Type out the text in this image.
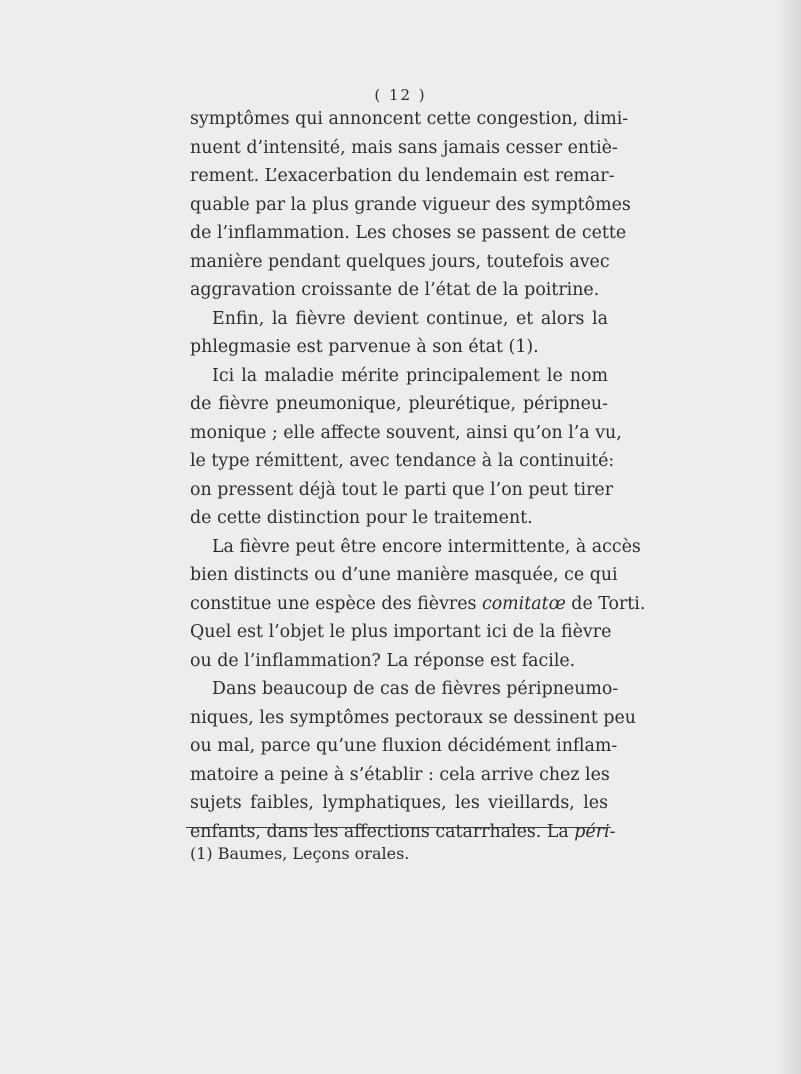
( 12 )
symptômes qui annoncent cette congestion, dimi-
nuent d’intensité, mais sans jamais cesser entiè-
rement. L’exacerbation du lendemain est remar-
quable par la plus grande vigueur des symptômes
de l’inflammation. Les choses se passent de cette
manière pendant quelques jours, toutefois avec
aggravation croissante de l’état de la poitrine.
Enfin, la fièvre devient continue, et alors la
phlegmasie est parvenue à son état (1).
Ici la maladie mérite principalement le nom
de fièvre pneumonique, pleurétique, péripneu-
monique ; elle affecte souvent, ainsi qu’on l’a vu,
le type rémittent, avec tendance à la continuité:
on pressent déjà tout le parti que l’on peut tirer
de cette distinction pour le traitement.
La fièvre peut être encore intermittente, à accès
bien distincts ou d’une manière masquée, ce qui
constitue une espèce des fièvres comitatœ de Torti.
Quel est l’objet le plus important ici de la fièvre
ou de l’inflammation? La réponse est facile.
Dans beaucoup de cas de fièvres péripneumo-
niques, les symptômes pectoraux se dessinent peu
ou mal, parce qu’une fluxion décidément inflam-
matoire a peine à s’établir : cela arrive chez les
sujets faibles, lymphatiques, les vieillards, les
enfants, dans les affections catarrhales. La péri-
(1) Baumes, Leçons orales.
